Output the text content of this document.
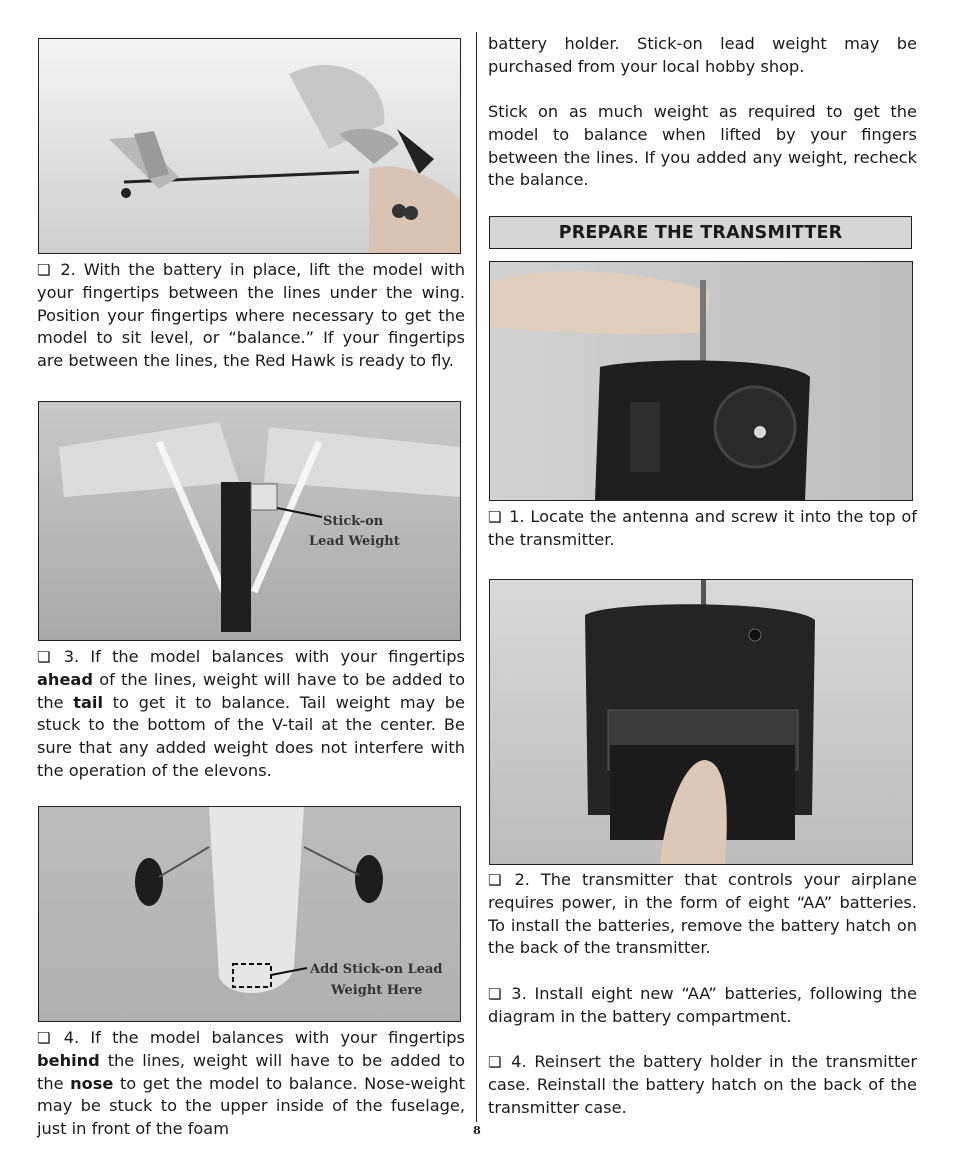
❏ 2. With the battery in place, lift the model with your fingertips between the lines under the wing. Position your fingertips where necessary to get the model to sit level, or “balance.” If your fingertips are between the lines, the Red Hawk is ready to fly.

Stick-on
Lead Weight

❏ 3. If the model balances with your fingertips ahead of the lines, weight will have to be added to the tail to get it to balance. Tail weight may be stuck to the bottom of the V-tail at the center. Be sure that any added weight does not interfere with the operation of the elevons.

Add Stick-on Lead
Weight Here

❏ 4. If the model balances with your fingertips behind the lines, weight will have to be added to the nose to get the model to balance. Nose-weight may be stuck to the upper inside of the fuselage, just in front of the foam

battery holder. Stick-on lead weight may be purchased from your local hobby shop.

Stick on as much weight as required to get the model to balance when lifted by your fingers between the lines. If you added any weight, recheck the balance.

PREPARE THE TRANSMITTER

❏ 1. Locate the antenna and screw it into the top of the transmitter.

❏ 2. The transmitter that controls your airplane requires power, in the form of eight “AA” batteries. To install the batteries, remove the battery hatch on the back of the transmitter.

❏ 3. Install eight new “AA” batteries, following the diagram in the battery compartment.

❏ 4. Reinsert the battery holder in the transmitter case. Reinstall the battery hatch on the back of the transmitter case.

8
